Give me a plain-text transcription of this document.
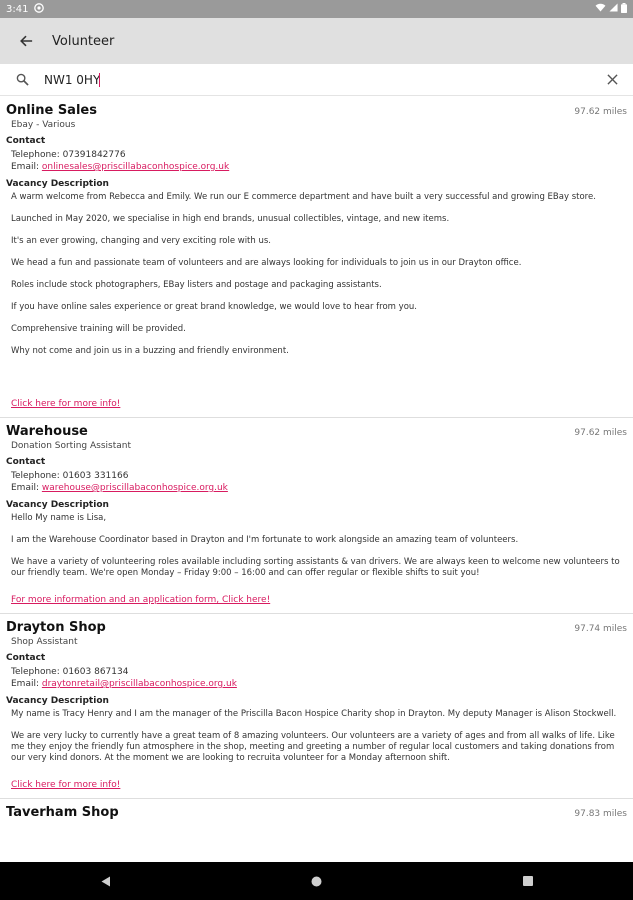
3:41
Volunteer
NW1 0HY
Online Sales	97.62 miles
Ebay - Various
Contact
Telephone: 07391842776
Email: onlinesales@priscillabaconhospice.org.uk
Vacancy Description
A warm welcome from Rebecca and Emily. We run our E commerce department and have built a very successful and growing EBay store.
Launched in May 2020, we specialise in high end brands, unusual collectibles, vintage, and new items.
It's an ever growing, changing and very exciting role with us.
We head a fun and passionate team of volunteers and are always looking for individuals to join us in our Drayton office.
Roles include stock photographers, EBay listers and postage and packaging assistants.
If you have online sales experience or great brand knowledge, we would love to hear from you.
Comprehensive training will be provided.
Why not come and join us in a buzzing and friendly environment.
Click here for more info!
Warehouse	97.62 miles
Donation Sorting Assistant
Contact
Telephone: 01603 331166
Email: warehouse@priscillabaconhospice.org.uk
Vacancy Description
Hello My name is Lisa,
I am the Warehouse Coordinator based in Drayton and I'm fortunate to work alongside an amazing team of volunteers.
We have a variety of volunteering roles available including sorting assistants & van drivers. We are always keen to welcome new volunteers to our friendly team. We're open Monday – Friday 9:00 – 16:00 and can offer regular or flexible shifts to suit you!
For more information and an application form, Click here!
Drayton Shop	97.74 miles
Shop Assistant
Contact
Telephone: 01603 867134
Email: draytonretail@priscillabaconhospice.org.uk
Vacancy Description
My name is Tracy Henry and I am the manager of the Priscilla Bacon Hospice Charity shop in Drayton. My deputy Manager is Alison Stockwell.
We are very lucky to currently have a great team of 8 amazing volunteers. Our volunteers are a variety of ages and from all walks of life. Like me they enjoy the friendly fun atmosphere in the shop, meeting and greeting a number of regular local customers and taking donations from our very kind donors. At the moment we are looking to recruita volunteer for a Monday afternoon shift.
Click here for more info!
Taverham Shop	97.83 miles
